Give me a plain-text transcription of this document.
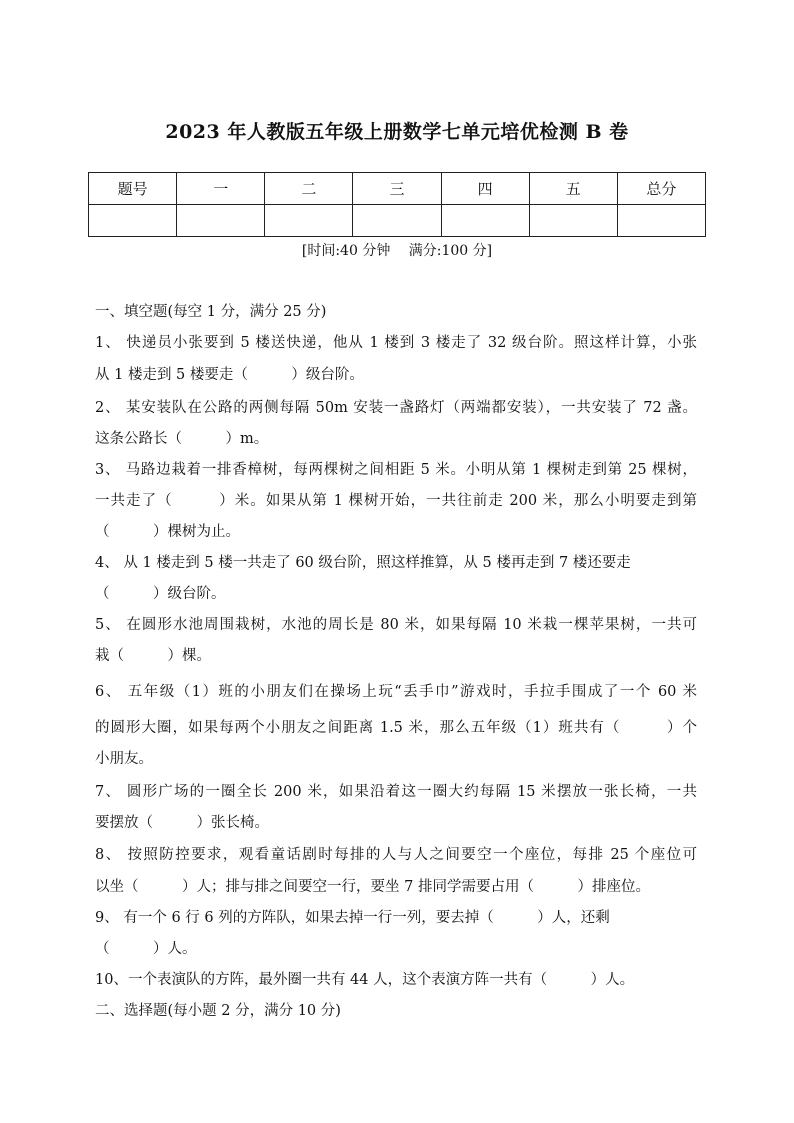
2023 年人教版五年级上册数学七单元培优检测 B 卷
题号	一	二	三	四	五	总分

[时间:40 分钟　 满分:100 分]
一、填空题(每空 1 分，满分 25 分)
1、 快递员小张要到 5 楼送快递，他从 1 楼到 3 楼走了 32 级台阶。照这样计算，小张
从 1 楼走到 5 楼要走（　　　）级台阶。
2、 某安装队在公路的两侧每隔 50m 安装一盏路灯（两端都安装），一共安装了 72 盏。
这条公路长（　　　）m。
3、 马路边栽着一排香樟树，每两棵树之间相距 5 米。小明从第 1 棵树走到第 25 棵树，
一共走了（　　　）米。如果从第 1 棵树开始，一共往前走 200 米，那么小明要走到第
（　　　）棵树为止。
4、 从 1 楼走到 5 楼一共走了 60 级台阶，照这样推算，从 5 楼再走到 7 楼还要走
（　　　）级台阶。
5、 在圆形水池周围栽树，水池的周长是 80 米，如果每隔 10 米栽一棵苹果树，一共可
栽（　　　）棵。
6、 五年级（1）班的小朋友们在操场上玩“丢手巾”游戏时，手拉手围成了一个 60 米
的圆形大圈，如果每两个小朋友之间距离 1.5 米，那么五年级（1）班共有（　　　）个
小朋友。
7、 圆形广场的一圈全长 200 米，如果沿着这一圈大约每隔 15 米摆放一张长椅，一共
要摆放（　　　）张长椅。
8、 按照防控要求，观看童话剧时每排的人与人之间要空一个座位，每排 25 个座位可
以坐（　　　）人；排与排之间要空一行，要坐 7 排同学需要占用（　　　）排座位。
9、 有一个 6 行 6 列的方阵队，如果去掉一行一列，要去掉（　　　）人，还剩
（　　　）人。
10、一个表演队的方阵，最外圈一共有 44 人，这个表演方阵一共有（　　　）人。
二、选择题(每小题 2 分，满分 10 分)
